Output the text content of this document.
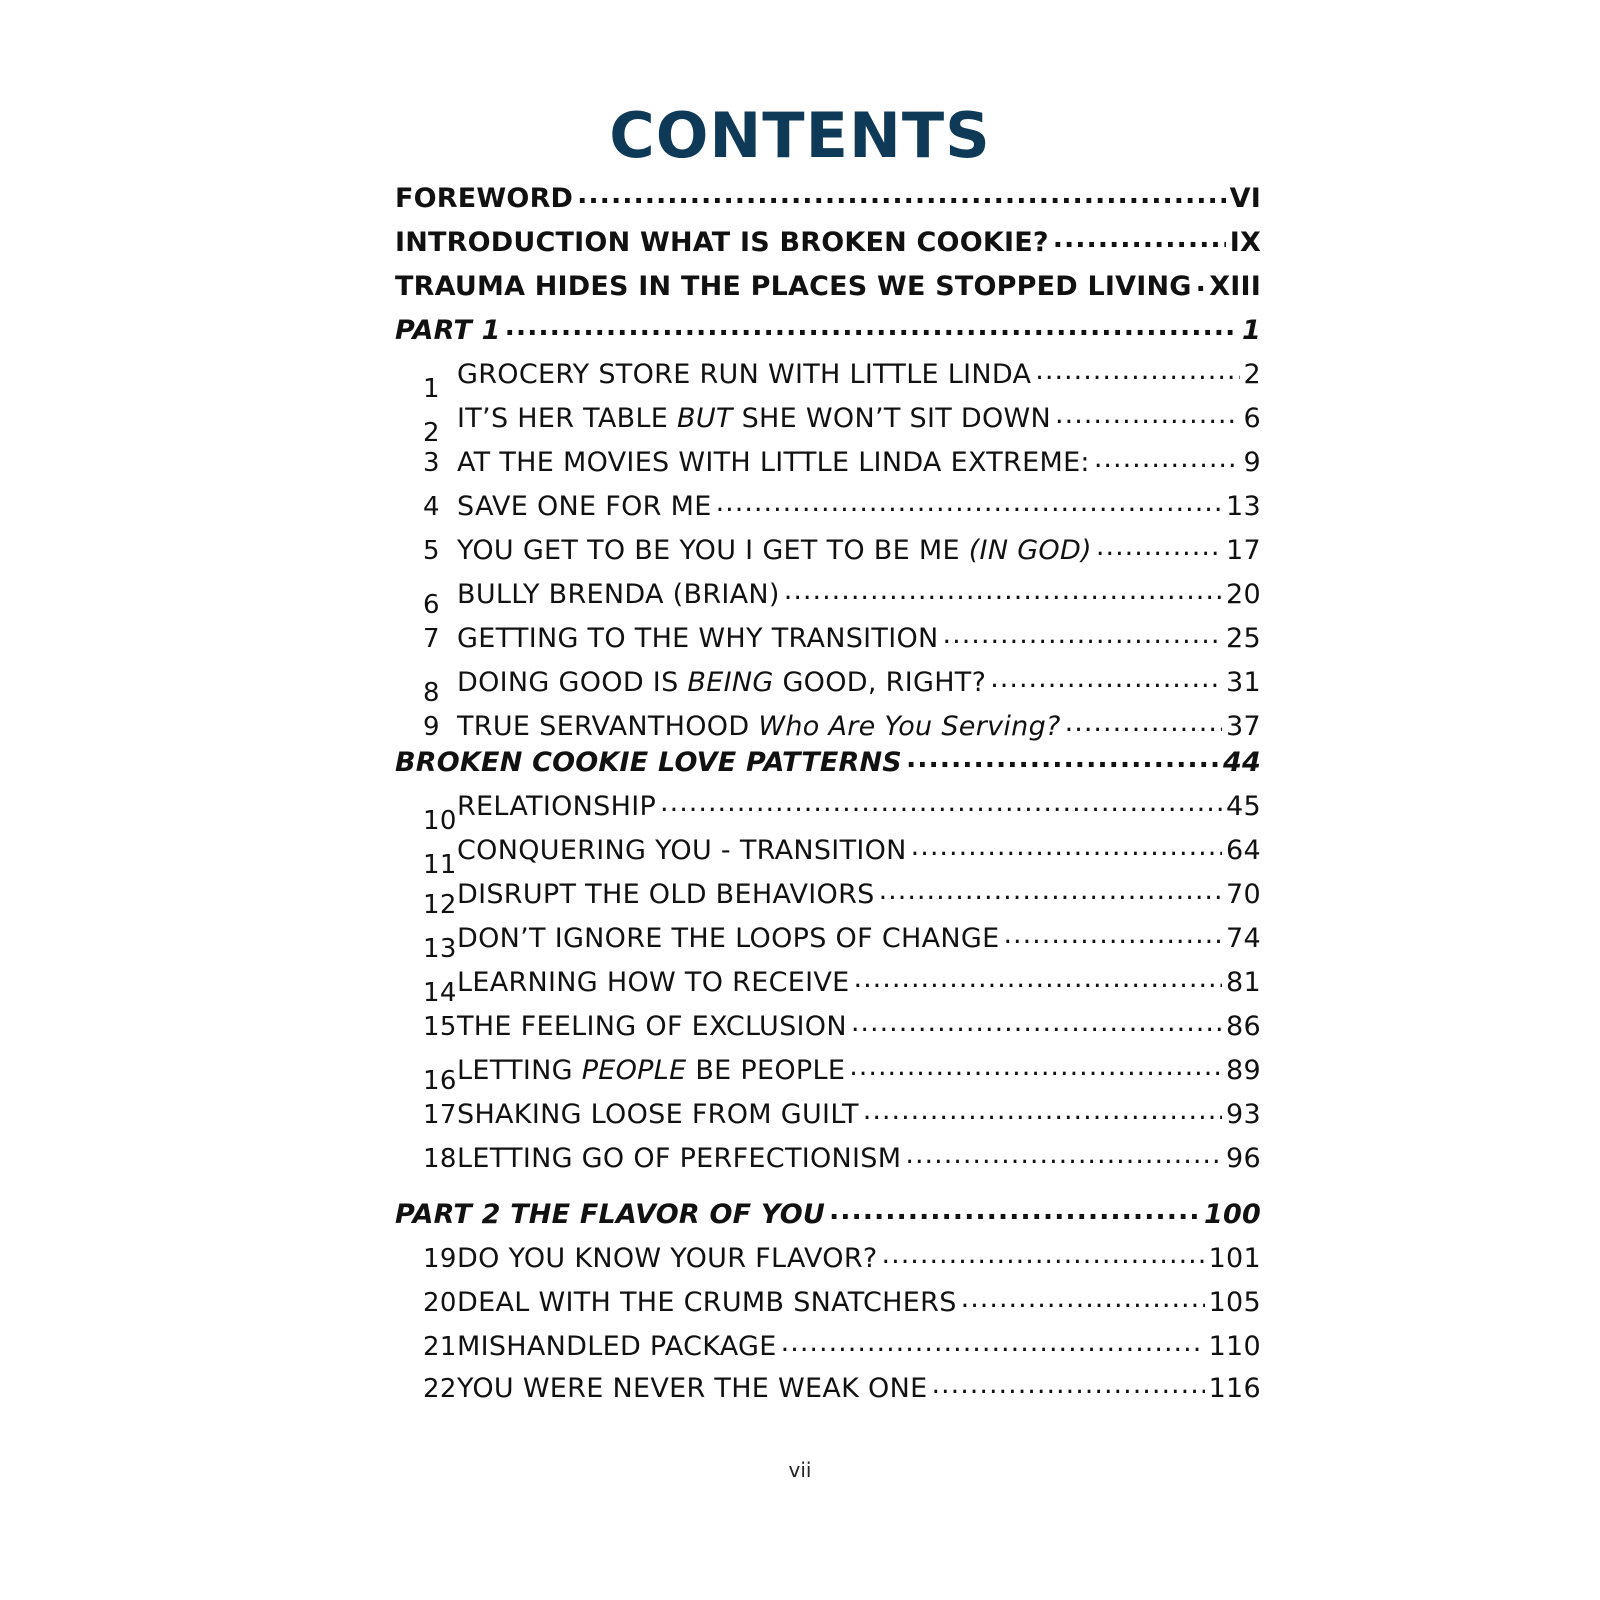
CONTENTS
FOREWORD .....	VI
INTRODUCTION WHAT IS BROKEN COOKIE? .....	IX
TRAUMA HIDES IN THE PLACES WE STOPPED LIVING ..... XIII
PART 1 .....	1
1 GROCERY STORE RUN WITH LITTLE LINDA .....	2
2 IT’S HER TABLE BUT SHE WON’T SIT DOWN .....	6
3 AT THE MOVIES WITH LITTLE LINDA EXTREME: .....	9
4 SAVE ONE FOR ME .....	13
5 YOU GET TO BE YOU I GET TO BE ME (IN GOD) .....	17
6 BULLY BRENDA (BRIAN) .....	20
7 GETTING TO THE WHY TRANSITION .....	25
8 DOING GOOD IS BEING GOOD, RIGHT? .....	31
9 TRUE SERVANTHOOD Who Are You Serving? .....	37
BROKEN COOKIE LOVE PATTERNS .....	44
10 RELATIONSHIP .....	45
11 CONQUERING YOU - TRANSITION .....	64
12 DISRUPT THE OLD BEHAVIORS .....	70
13 DON’T IGNORE THE LOOPS OF CHANGE .....	74
14 LEARNING HOW TO RECEIVE .....	81
15 THE FEELING OF EXCLUSION .....	86
16 LETTING PEOPLE BE PEOPLE .....	89
17 SHAKING LOOSE FROM GUILT .....	93
18 LETTING GO OF PERFECTIONISM .....	96
PART 2 THE FLAVOR OF YOU .....	100
19 DO YOU KNOW YOUR FLAVOR? .....	101
20 DEAL WITH THE CRUMB SNATCHERS .....	105
21 MISHANDLED PACKAGE .....	110
22 YOU WERE NEVER THE WEAK ONE .....	116
vii
